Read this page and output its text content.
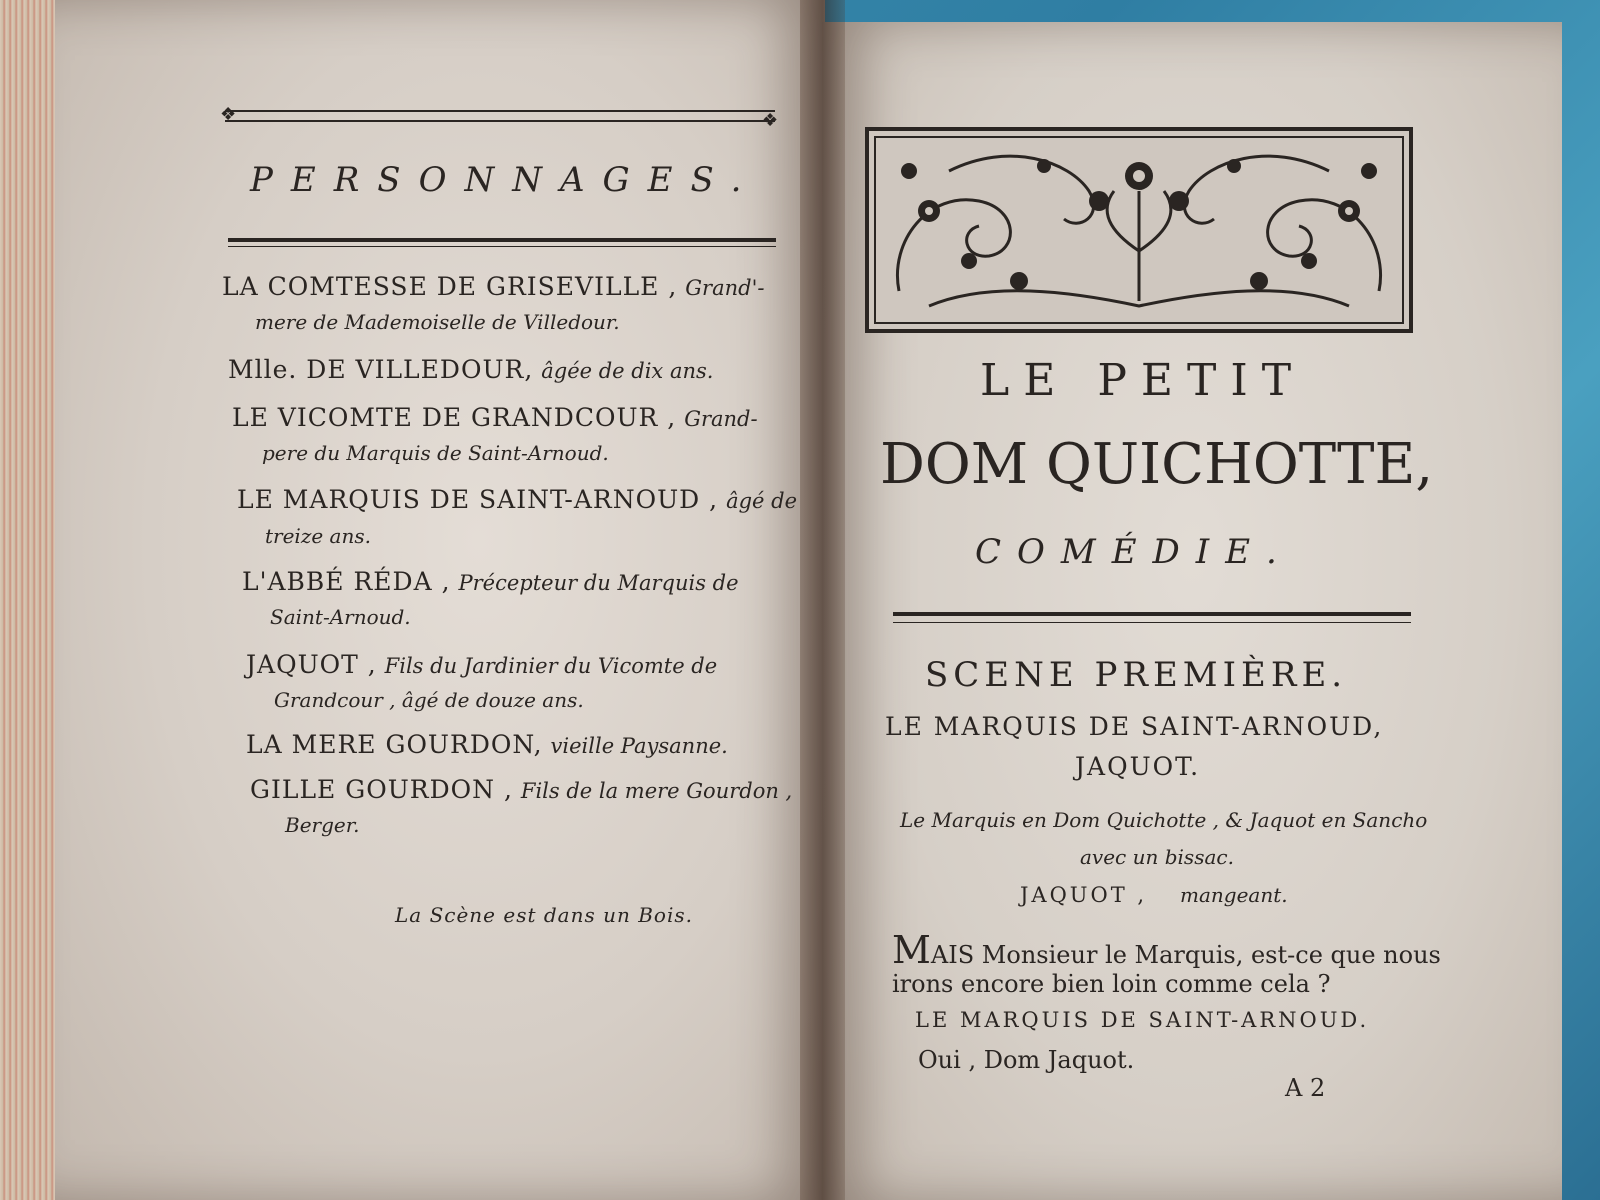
❖	❖
PERSONNAGES.
LA COMTESSE DE GRISEVILLE , Grand'-
mere de Mademoiselle de Villedour.
Mlle. DE VILLEDOUR, âgée de dix ans.
LE VICOMTE DE GRANDCOUR , Grand-
pere du Marquis de Saint-Arnoud.
LE MARQUIS DE SAINT-ARNOUD , âgé de
treize ans.
L'ABBÉ RÉDA , Précepteur du Marquis de
Saint-Arnoud.
JAQUOT , Fils du Jardinier du Vicomte de
Grandcour , âgé de douze ans.
LA MERE GOURDON, vieille Paysanne.
GILLE GOURDON , Fils de la mere Gourdon ,
Berger.
La Scène est dans un Bois.
LE PETIT
DOM QUICHOTTE,
COMÉDIE.
SCENE PREMIÈRE.
LE MARQUIS DE SAINT-ARNOUD,
JAQUOT.
Le Marquis en Dom Quichotte , & Jaquot en Sancho
avec un bissac.
JAQUOT , mangeant.
MAIS Monsieur le Marquis, est-ce que nous
irons encore bien loin comme cela ?
LE MARQUIS DE SAINT-ARNOUD.
Oui , Dom Jaquot.
A 2
